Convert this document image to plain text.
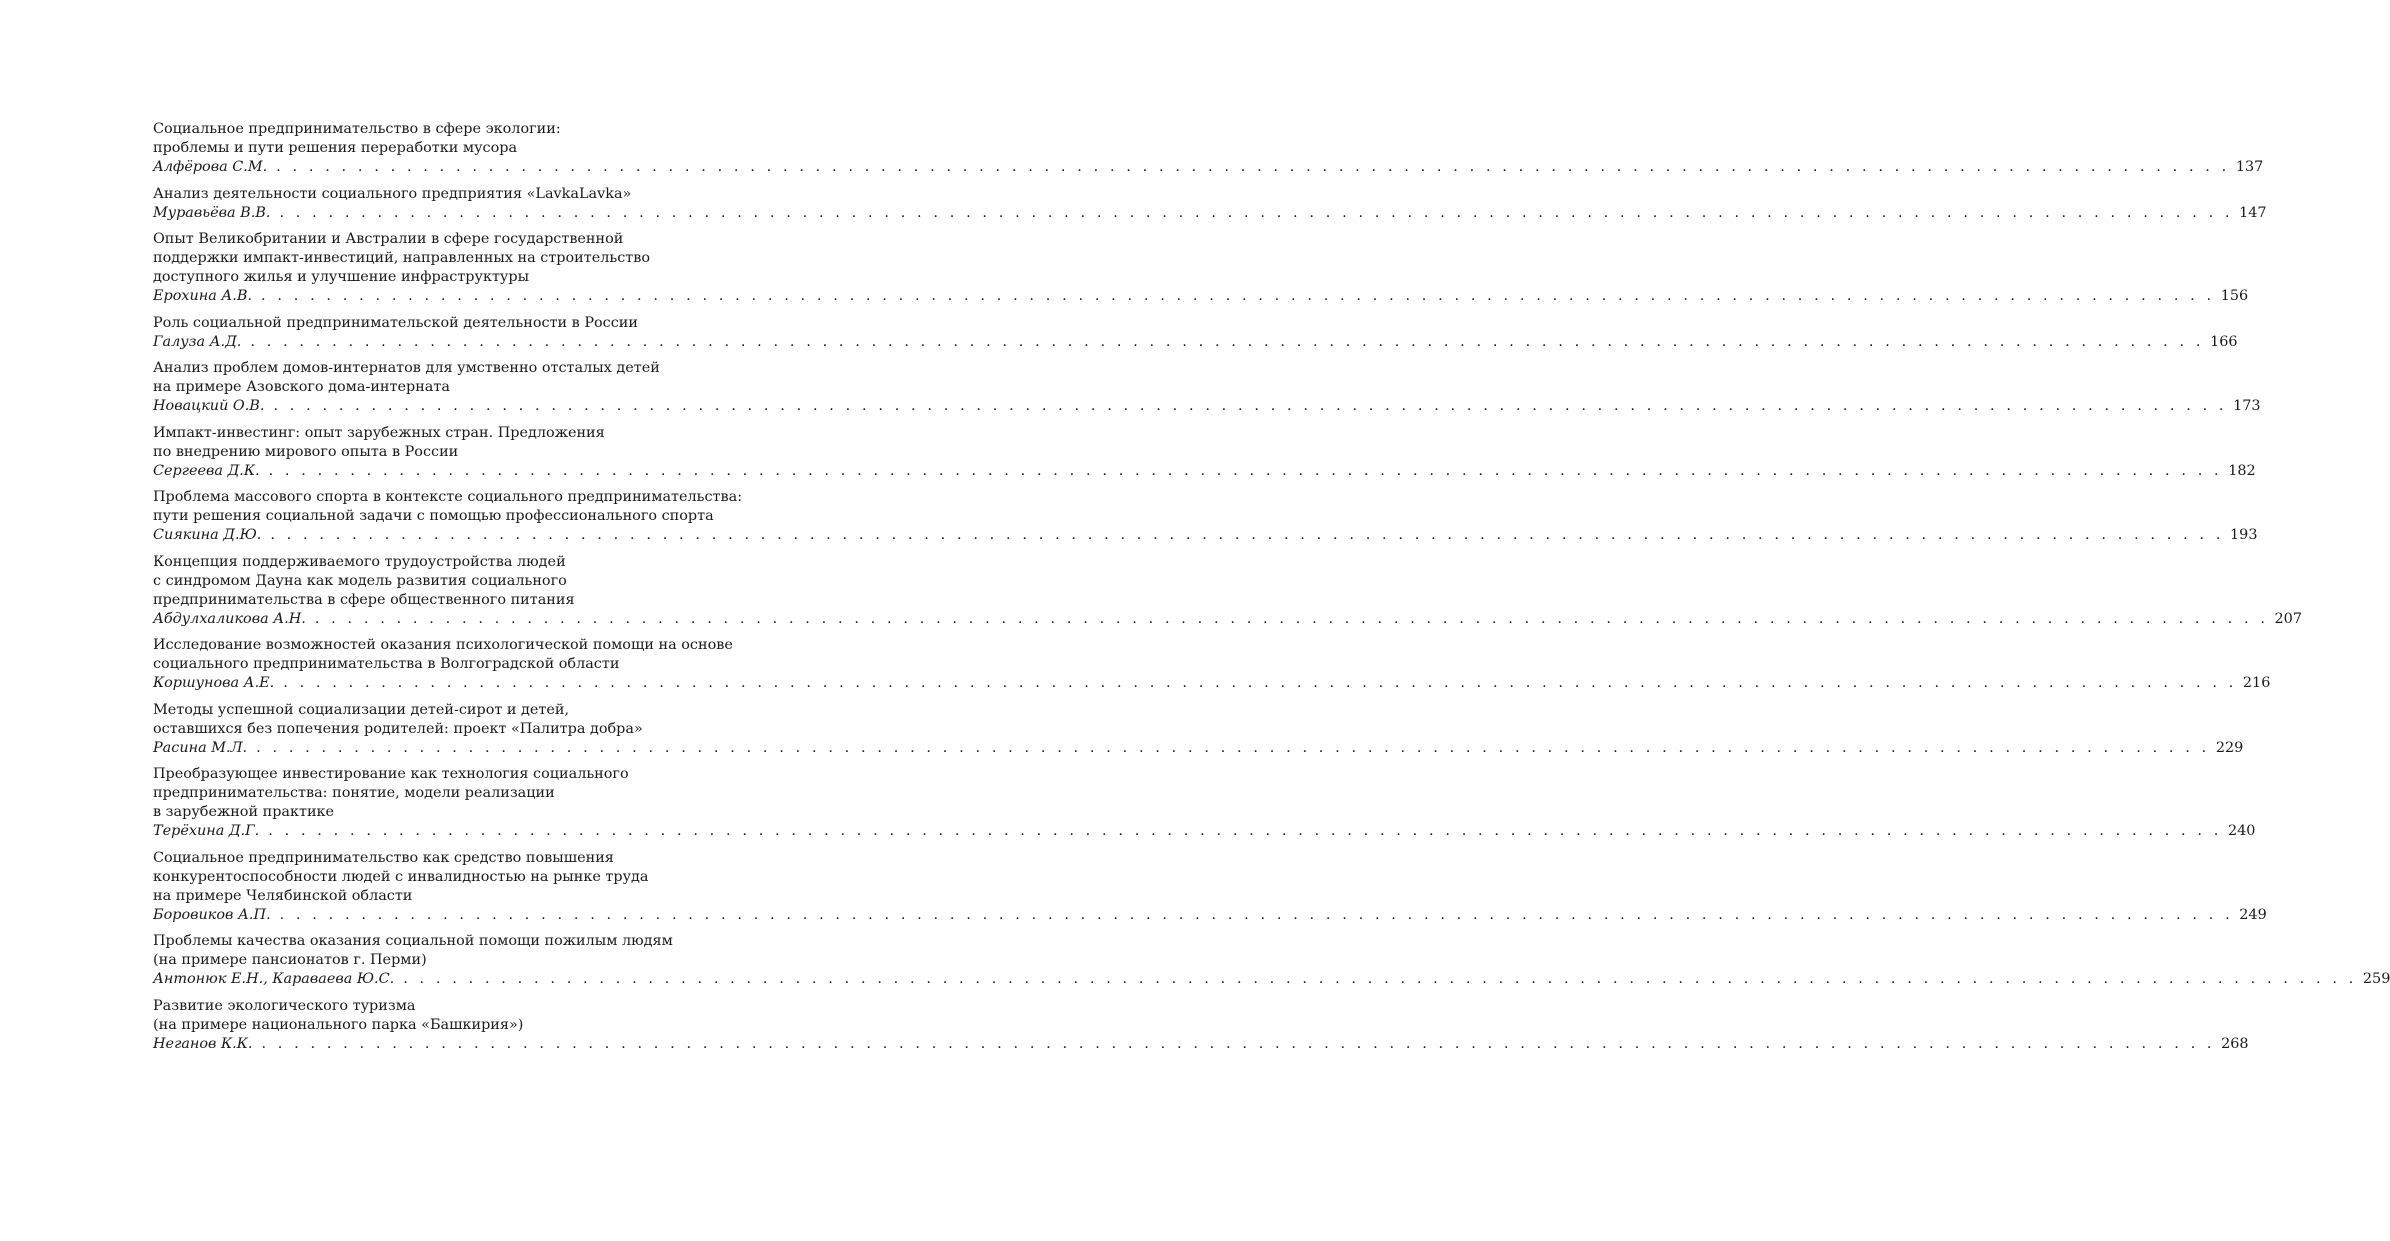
Социальное предпринимательство в сфере экологии:
проблемы и пути решения переработки мусора
Алфёрова С.М. . . . . . . . . . . . . . . . . . . . . . . . . . . . . . . . . . . . . . . . . . . . . . . . . . . . . . . . . . . . . . . . . . . . . . . . . . . . . . . . . . . . . . . . . . . . . . . . . . . . . . . . . . . . . . . . . . . . . . . . . 137
Анализ деятельности социального предприятия «LavkaLavka»
Муравьёва В.В. . . . . . . . . . . . . . . . . . . . . . . . . . . . . . . . . . . . . . . . . . . . . . . . . . . . . . . . . . . . . . . . . . . . . . . . . . . . . . . . . . . . . . . . . . . . . . . . . . . . . . . . . . . . . . . . . . . . . . . . . 147
Опыт Великобритании и Австралии в сфере государственной
поддержки импакт-инвестиций, направленных на строительство
доступного жилья и улучшение инфраструктуры
Ерохина А.В. . . . . . . . . . . . . . . . . . . . . . . . . . . . . . . . . . . . . . . . . . . . . . . . . . . . . . . . . . . . . . . . . . . . . . . . . . . . . . . . . . . . . . . . . . . . . . . . . . . . . . . . . . . . . . . . . . . . . . . . . 156
Роль социальной предпринимательской деятельности в России
Галуза А.Д. . . . . . . . . . . . . . . . . . . . . . . . . . . . . . . . . . . . . . . . . . . . . . . . . . . . . . . . . . . . . . . . . . . . . . . . . . . . . . . . . . . . . . . . . . . . . . . . . . . . . . . . . . . . . . . . . . . . . . . . . 166
Анализ проблем домов-интернатов для умственно отсталых детей
на примере Азовского дома-интерната
Новацкий О.В. . . . . . . . . . . . . . . . . . . . . . . . . . . . . . . . . . . . . . . . . . . . . . . . . . . . . . . . . . . . . . . . . . . . . . . . . . . . . . . . . . . . . . . . . . . . . . . . . . . . . . . . . . . . . . . . . . . . . . . . . 173
Импакт-инвестинг: опыт зарубежных стран. Предложения
по внедрению мирового опыта в России
Сергеева Д.К. . . . . . . . . . . . . . . . . . . . . . . . . . . . . . . . . . . . . . . . . . . . . . . . . . . . . . . . . . . . . . . . . . . . . . . . . . . . . . . . . . . . . . . . . . . . . . . . . . . . . . . . . . . . . . . . . . . . . . . . . 182
Проблема массового спорта в контексте социального предпринимательства:
пути решения социальной задачи с помощью профессионального спорта
Сиякина Д.Ю. . . . . . . . . . . . . . . . . . . . . . . . . . . . . . . . . . . . . . . . . . . . . . . . . . . . . . . . . . . . . . . . . . . . . . . . . . . . . . . . . . . . . . . . . . . . . . . . . . . . . . . . . . . . . . . . . . . . . . . . . 193
Концепция поддерживаемого трудоустройства людей
с синдромом Дауна как модель развития социального
предпринимательства в сфере общественного питания
Абдулхаликова А.Н. . . . . . . . . . . . . . . . . . . . . . . . . . . . . . . . . . . . . . . . . . . . . . . . . . . . . . . . . . . . . . . . . . . . . . . . . . . . . . . . . . . . . . . . . . . . . . . . . . . . . . . . . . . . . . . . . . . . . . . . . 207
Исследование возможностей оказания психологической помощи на основе
социального предпринимательства в Волгоградской области
Коршунова А.Е. . . . . . . . . . . . . . . . . . . . . . . . . . . . . . . . . . . . . . . . . . . . . . . . . . . . . . . . . . . . . . . . . . . . . . . . . . . . . . . . . . . . . . . . . . . . . . . . . . . . . . . . . . . . . . . . . . . . . . . . . 216
Методы успешной социализации детей-сирот и детей,
оставшихся без попечения родителей: проект «Палитра добра»
Расина М.Л. . . . . . . . . . . . . . . . . . . . . . . . . . . . . . . . . . . . . . . . . . . . . . . . . . . . . . . . . . . . . . . . . . . . . . . . . . . . . . . . . . . . . . . . . . . . . . . . . . . . . . . . . . . . . . . . . . . . . . . . . 229
Преобразующее инвестирование как технология социального
предпринимательства: понятие, модели реализации
в зарубежной практике
Терёхина Д.Г. . . . . . . . . . . . . . . . . . . . . . . . . . . . . . . . . . . . . . . . . . . . . . . . . . . . . . . . . . . . . . . . . . . . . . . . . . . . . . . . . . . . . . . . . . . . . . . . . . . . . . . . . . . . . . . . . . . . . . . . . 240
Социальное предпринимательство как средство повышения
конкурентоспособности людей с инвалидностью на рынке труда
на примере Челябинской области
Боровиков А.П. . . . . . . . . . . . . . . . . . . . . . . . . . . . . . . . . . . . . . . . . . . . . . . . . . . . . . . . . . . . . . . . . . . . . . . . . . . . . . . . . . . . . . . . . . . . . . . . . . . . . . . . . . . . . . . . . . . . . . . . . 249
Проблемы качества оказания социальной помощи пожилым людям
(на примере пансионатов г. Перми)
Антонюк Е.Н., Караваева Ю.С. . . . . . . . . . . . . . . . . . . . . . . . . . . . . . . . . . . . . . . . . . . . . . . . . . . . . . . . . . . . . . . . . . . . . . . . . . . . . . . . . . . . . . . . . . . . . . . . . . . . . . . . . . . . . . . . . . . . . . . . . 259
Развитие экологического туризма
(на примере национального парка «Башкирия»)
Неганов К.К. . . . . . . . . . . . . . . . . . . . . . . . . . . . . . . . . . . . . . . . . . . . . . . . . . . . . . . . . . . . . . . . . . . . . . . . . . . . . . . . . . . . . . . . . . . . . . . . . . . . . . . . . . . . . . . . . . . . . . . . . 268
